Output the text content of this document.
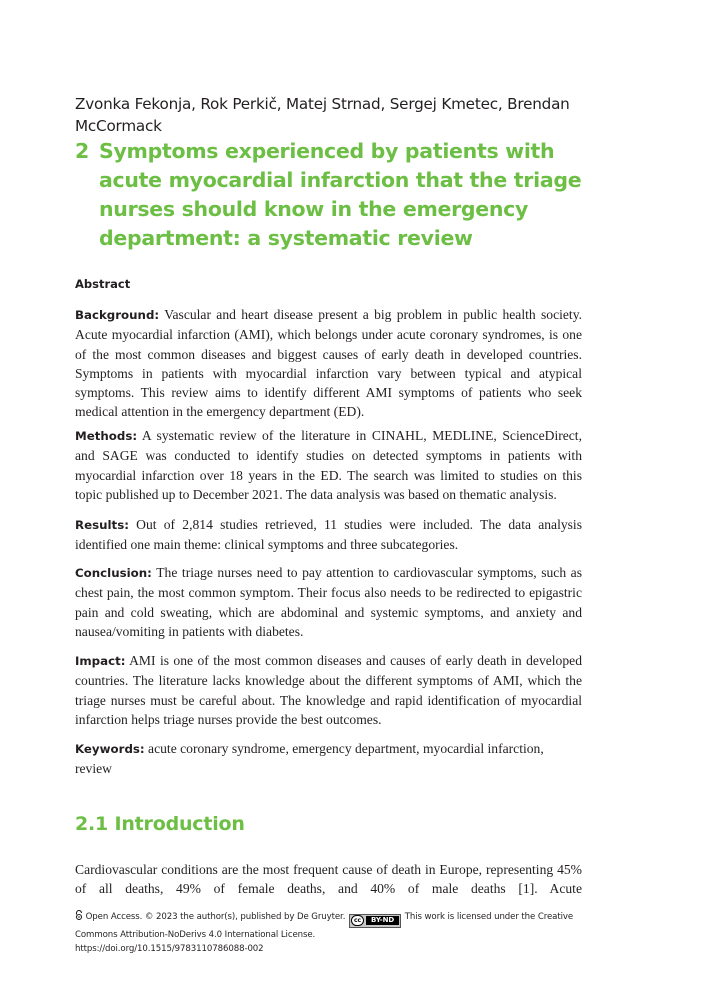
Zvonka Fekonja, Rok Perkič, Matej Strnad, Sergej Kmetec, Brendan McCormack
2 Symptoms experienced by patients with acute myocardial infarction that the triage nurses should know in the emergency department: a systematic review
Abstract

Background: Vascular and heart disease present a big problem in public health society. Acute myocardial infarction (AMI), which belongs under acute coronary syndromes, is one of the most common diseases and biggest causes of early death in developed countries. Symptoms in patients with myocardial infarction vary between typical and atypical symptoms. This review aims to identify different AMI symptoms of patients who seek medical attention in the emergency department (ED).

Methods: A systematic review of the literature in CINAHL, MEDLINE, ScienceDirect, and SAGE was conducted to identify studies on detected symptoms in patients with myocardial infarction over 18 years in the ED. The search was limited to studies on this topic published up to December 2021. The data analysis was based on thematic analysis.

Results: Out of 2,814 studies retrieved, 11 studies were included. The data analysis identified one main theme: clinical symptoms and three subcategories.

Conclusion: The triage nurses need to pay attention to cardiovascular symptoms, such as chest pain, the most common symptom. Their focus also needs to be redirected to epigastric pain and cold sweating, which are abdominal and systemic symptoms, and anxiety and nausea/vomiting in patients with diabetes.

Impact: AMI is one of the most common diseases and causes of early death in developed countries. The literature lacks knowledge about the different symptoms of AMI, which the triage nurses must be careful about. The knowledge and rapid identification of myocardial infarction helps triage nurses provide the best outcomes.

Keywords: acute coronary syndrome, emergency department, myocardial infarction, review

2.1 Introduction

Cardiovascular conditions are the most frequent cause of death in Europe, representing 45% of all deaths, 49% of female deaths, and 40% of male deaths [1]. Acute

Open Access. © 2023 the author(s), published by De Gruyter.	cc	BY-ND	This work is licensed under the Creative Commons Attribution-NoDerivs 4.0 International License.
https://doi.org/10.1515/9783110786088-002
